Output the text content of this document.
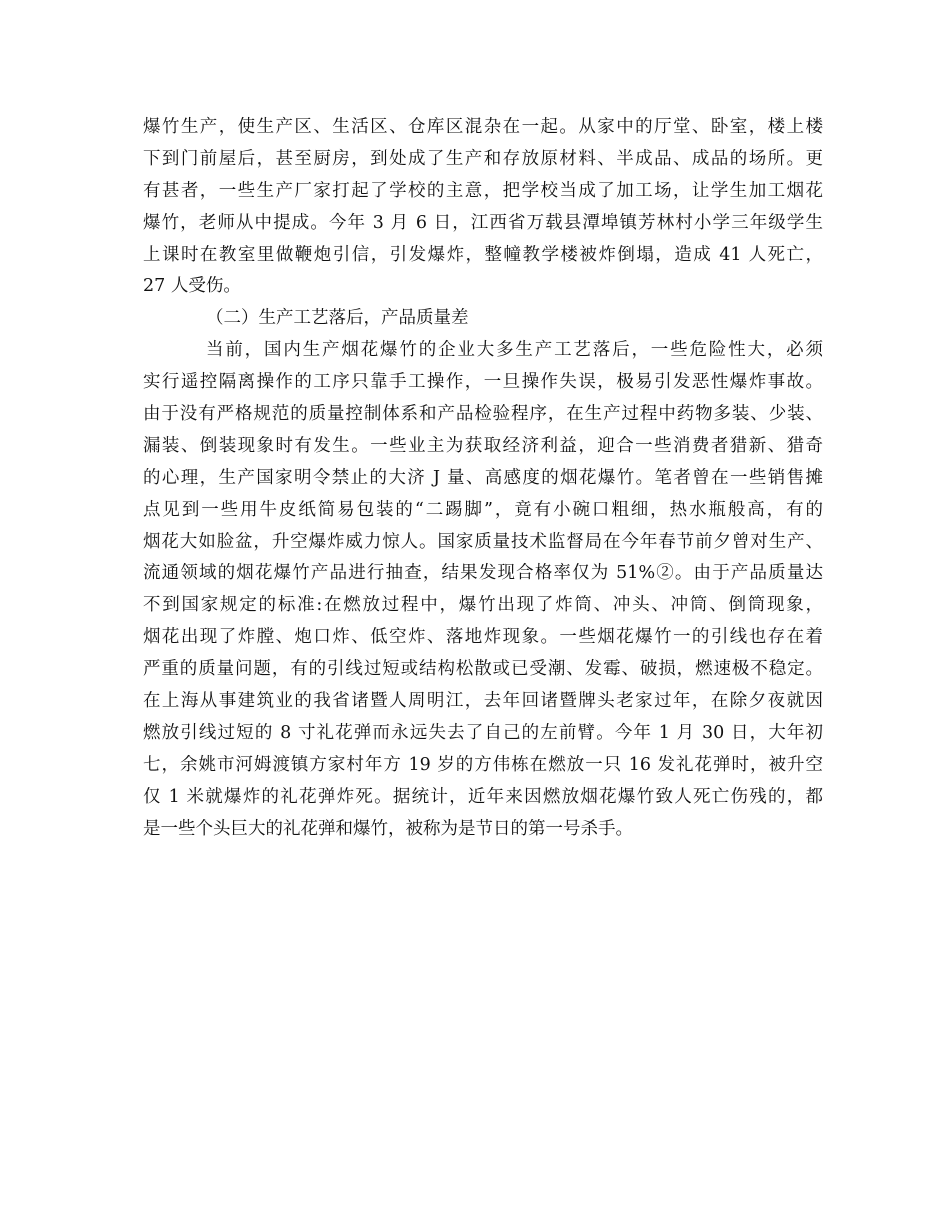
爆竹生产，使生产区、生活区、仓库区混杂在一起。从家中的厅堂、卧室，楼上楼
下到门前屋后，甚至厨房，到处成了生产和存放原材料、半成品、成品的场所。更
有甚者，一些生产厂家打起了学校的主意，把学校当成了加工场，让学生加工烟花
爆竹，老师从中提成。今年 3 月 6 日，江西省万载县潭埠镇芳林村小学三年级学生
上课时在教室里做鞭炮引信，引发爆炸，整幢教学楼被炸倒塌，造成 41 人死亡，
27 人受伤。
（二）生产工艺落后，产品质量差
当前，国内生产烟花爆竹的企业大多生产工艺落后，一些危险性大，必须
实行遥控隔离操作的工序只靠手工操作，一旦操作失误，极易引发恶性爆炸事故。
由于没有严格规范的质量控制体系和产品检验程序，在生产过程中药物多装、少装、
漏装、倒装现象时有发生。一些业主为获取经济利益，迎合一些消费者猎新、猎奇
的心理，生产国家明令禁止的大济 J 量、高感度的烟花爆竹。笔者曾在一些销售摊
点见到一些用牛皮纸简易包装的“二踢脚”，竟有小碗口粗细，热水瓶般高，有的
烟花大如脸盆，升空爆炸威力惊人。国家质量技术监督局在今年春节前夕曾对生产、
流通领域的烟花爆竹产品进行抽查，结果发现合格率仅为 51%②。由于产品质量达
不到国家规定的标准:在燃放过程中，爆竹出现了炸筒、冲头、冲筒、倒筒现象，
烟花出现了炸膛、炮口炸、低空炸、落地炸现象。一些烟花爆竹一的引线也存在着
严重的质量问题，有的引线过短或结构松散或已受潮、发霉、破损，燃速极不稳定。
在上海从事建筑业的我省诸暨人周明江，去年回诸暨牌头老家过年，在除夕夜就因
燃放引线过短的 8 寸礼花弹而永远失去了自己的左前臂。今年 1 月 30 日，大年初
七，余姚市河姆渡镇方家村年方 19 岁的方伟栋在燃放一只 16 发礼花弹时，被升空
仅 1 米就爆炸的礼花弹炸死。据统计，近年来因燃放烟花爆竹致人死亡伤残的，都
是一些个头巨大的礼花弹和爆竹，被称为是节日的第一号杀手。
